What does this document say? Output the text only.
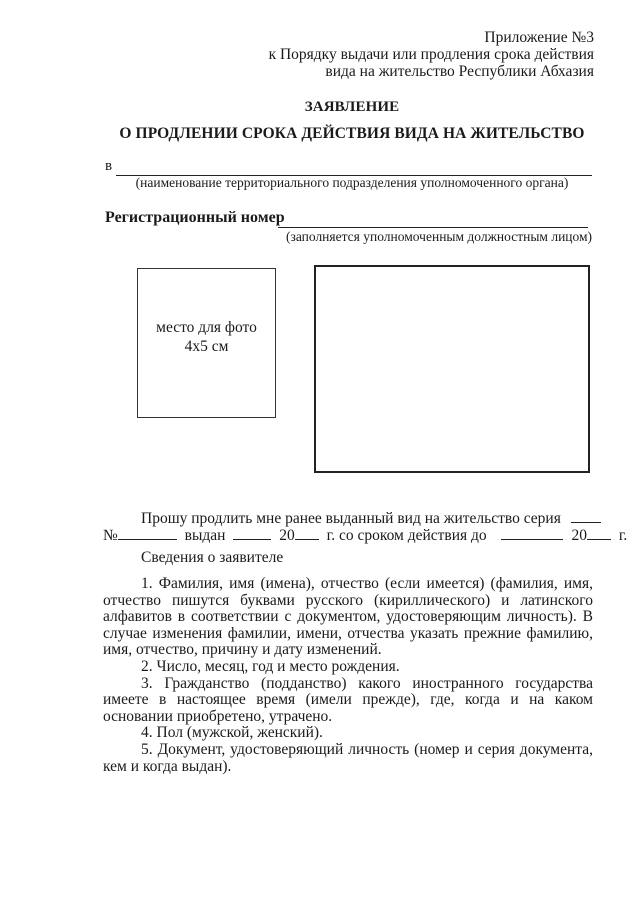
Приложение №3
к Порядку выдачи или продления срока действия
вида на жительство Республики Абхазия
ЗАЯВЛЕНИЕ
О ПРОДЛЕНИИ СРОКА ДЕЙСТВИЯ ВИДА НА ЖИТЕЛЬСТВО
в
(наименование территориального подразделения уполномоченного органа)
Регистрационный номер
(заполняется уполномоченным должностным лицом)
место для фото
4x5 см
Прошу продлить мне ранее выданный вид на жительство серия
№	выдан	20 г. со сроком действия до	20 г.
Сведения о заявителе

1. Фамилия, имя (имена), отчество (если имеется) (фамилия, имя, отчество пишутся буквами русского (кириллического) и латинского алфавитов в соответствии с документом, удостоверяющим личность). В случае изменения фамилии, имени, отчества указать прежние фамилию, имя, отчество, причину и дату изменений.

2. Число, месяц, год и место рождения.

3. Гражданство (подданство) какого иностранного государства имеете в настоящее время (имели прежде), где, когда и на каком основании приобретено, утрачено.

4. Пол (мужской, женский).

5. Документ, удостоверяющий личность (номер и серия документа, кем и когда выдан).
